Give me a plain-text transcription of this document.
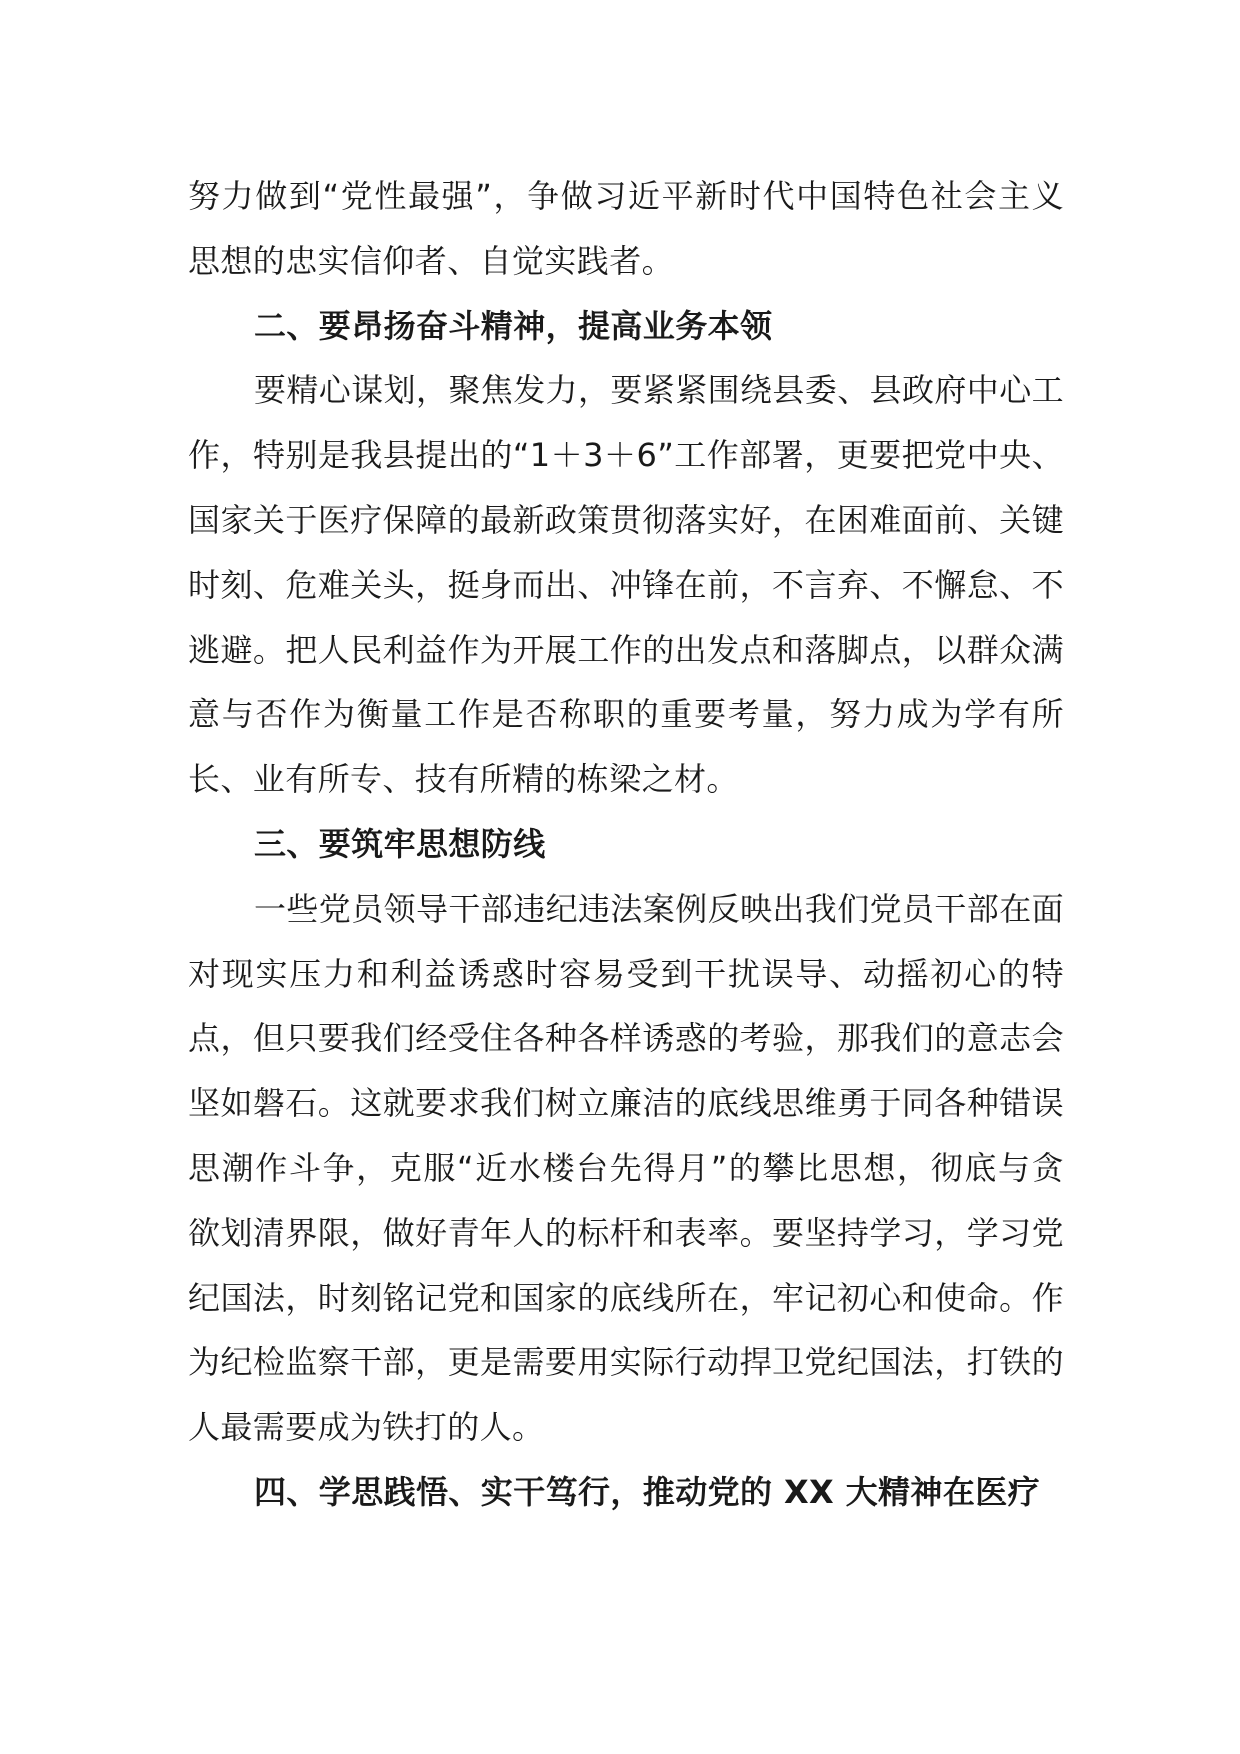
努力做到“党性最强”，争做习近平新时代中国特色社会主义思想的忠实信仰者、自觉实践者。

二、要昂扬奋斗精神，提高业务本领

要精心谋划，聚焦发力，要紧紧围绕县委、县政府中心工作，特别是我县提出的“1＋3＋6”工作部署，更要把党中央、国家关于医疗保障的最新政策贯彻落实好，在困难面前、关键时刻、危难关头，挺身而出、冲锋在前，不言弃、不懈怠、不逃避。把人民利益作为开展工作的出发点和落脚点，以群众满意与否作为衡量工作是否称职的重要考量，努力成为学有所长、业有所专、技有所精的栋梁之材。

三、要筑牢思想防线

一些党员领导干部违纪违法案例反映出我们党员干部在面对现实压力和利益诱惑时容易受到干扰误导、动摇初心的特点，但只要我们经受住各种各样诱惑的考验，那我们的意志会坚如磐石。这就要求我们树立廉洁的底线思维勇于同各种错误思潮作斗争，克服“近水楼台先得月”的攀比思想，彻底与贪欲划清界限，做好青年人的标杆和表率。要坚持学习，学习党纪国法，时刻铭记党和国家的底线所在，牢记初心和使命。作为纪检监察干部，更是需要用实际行动捍卫党纪国法，打铁的人最需要成为铁打的人。

四、学思践悟、实干笃行，推动党的 XX 大精神在医疗
